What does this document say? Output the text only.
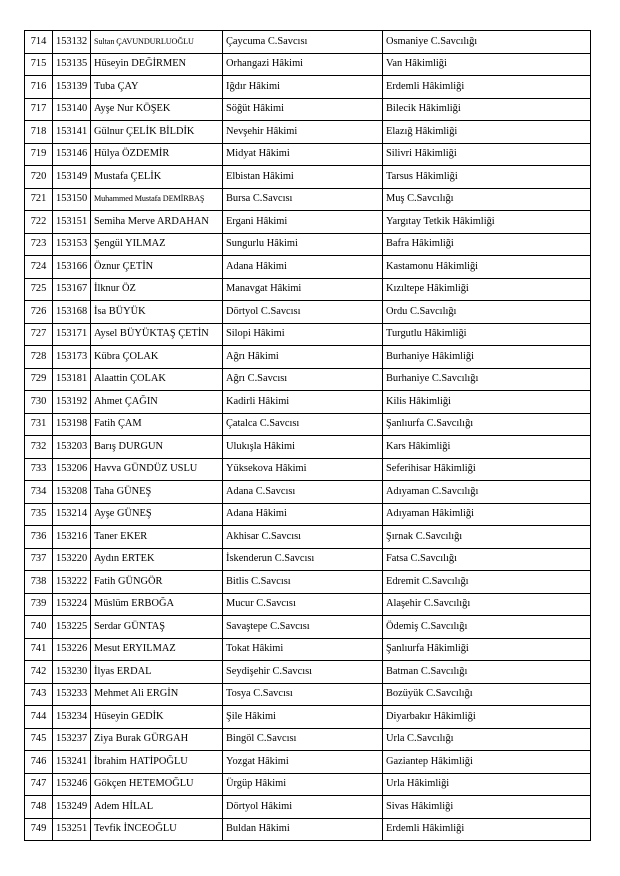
714	153132	Sultan ÇAVUNDURLUOĞLU	Çaycuma C.Savcısı	Osmaniye C.Savcılığı
715	153135	Hüseyin DEĞİRMEN	Orhangazi Hâkimi	Van Hâkimliği
716	153139	Tuba ÇAY	Iğdır Hâkimi	Erdemli Hâkimliği
717	153140	Ayşe Nur KÖŞEK	Söğüt Hâkimi	Bilecik Hâkimliği
718	153141	Gülnur ÇELİK BİLDİK	Nevşehir Hâkimi	Elazığ Hâkimliği
719	153146	Hülya ÖZDEMİR	Midyat Hâkimi	Silivri Hâkimliği
720	153149	Mustafa ÇELİK	Elbistan Hâkimi	Tarsus Hâkimliği
721	153150	Muhammed Mustafa DEMİRBAŞ	Bursa C.Savcısı	Muş C.Savcılığı
722	153151	Semiha Merve ARDAHAN	Ergani Hâkimi	Yargıtay Tetkik Hâkimliği
723	153153	Şengül YILMAZ	Sungurlu Hâkimi	Bafra Hâkimliği
724	153166	Öznur ÇETİN	Adana Hâkimi	Kastamonu Hâkimliği
725	153167	İlknur ÖZ	Manavgat Hâkimi	Kızıltepe Hâkimliği
726	153168	İsa BÜYÜK	Dörtyol C.Savcısı	Ordu C.Savcılığı
727	153171	Aysel BÜYÜKTAŞ ÇETİN	Silopi Hâkimi	Turgutlu Hâkimliği
728	153173	Kübra ÇOLAK	Ağrı Hâkimi	Burhaniye Hâkimliği
729	153181	Alaattin ÇOLAK	Ağrı C.Savcısı	Burhaniye C.Savcılığı
730	153192	Ahmet ÇAĞIN	Kadirli Hâkimi	Kilis Hâkimliği
731	153198	Fatih ÇAM	Çatalca C.Savcısı	Şanlıurfa C.Savcılığı
732	153203	Barış DURGUN	Ulukışla Hâkimi	Kars Hâkimliği
733	153206	Havva GÜNDÜZ USLU	Yüksekova Hâkimi	Seferihisar Hâkimliği
734	153208	Taha GÜNEŞ	Adana C.Savcısı	Adıyaman C.Savcılığı
735	153214	Ayşe GÜNEŞ	Adana Hâkimi	Adıyaman Hâkimliği
736	153216	Taner EKER	Akhisar C.Savcısı	Şırnak C.Savcılığı
737	153220	Aydın ERTEK	İskenderun C.Savcısı	Fatsa C.Savcılığı
738	153222	Fatih GÜNGÖR	Bitlis C.Savcısı	Edremit C.Savcılığı
739	153224	Müslüm ERBOĞA	Mucur C.Savcısı	Alaşehir C.Savcılığı
740	153225	Serdar GÜNTAŞ	Savaştepe C.Savcısı	Ödemiş C.Savcılığı
741	153226	Mesut ERYILMAZ	Tokat Hâkimi	Şanlıurfa Hâkimliği
742	153230	İlyas ERDAL	Seydişehir C.Savcısı	Batman C.Savcılığı
743	153233	Mehmet Ali ERGİN	Tosya C.Savcısı	Bozüyük C.Savcılığı
744	153234	Hüseyin GEDİK	Şile Hâkimi	Diyarbakır Hâkimliği
745	153237	Ziya Burak GÜRGAH	Bingöl C.Savcısı	Urla C.Savcılığı
746	153241	İbrahim HATİPOĞLU	Yozgat Hâkimi	Gaziantep Hâkimliği
747	153246	Gökçen HETEMOĞLU	Ürgüp Hâkimi	Urla Hâkimliği
748	153249	Adem HİLAL	Dörtyol Hâkimi	Sivas Hâkimliği
749	153251	Tevfik İNCEOĞLU	Buldan Hâkimi	Erdemli Hâkimliği
